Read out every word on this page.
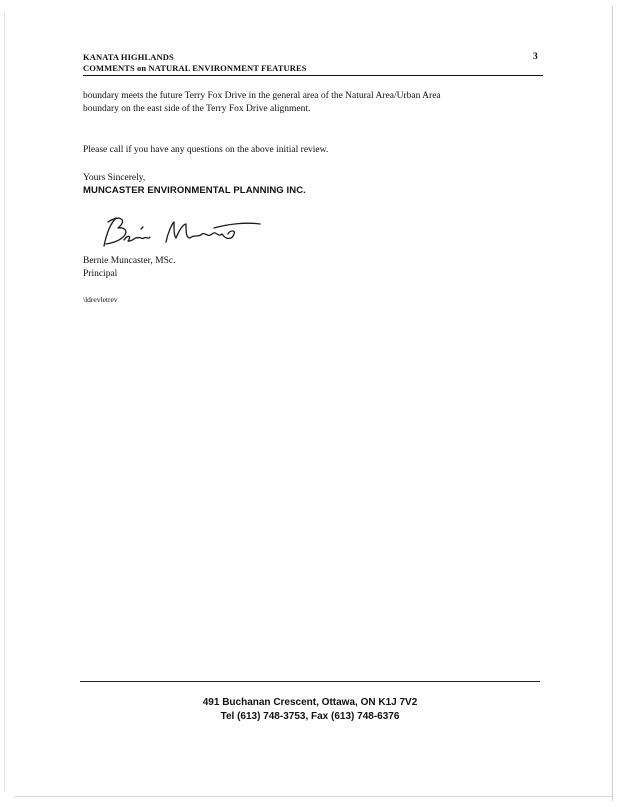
KANATA HIGHLANDS
COMMENTS on NATURAL ENVIRONMENT FEATURES
3
boundary meets the future Terry Fox Drive in the general area of the Natural Area/Urban Area
boundary on the east side of the Terry Fox Drive alignment.
Please call if you have any questions on the above initial review.
Yours Sincerely,
MUNCASTER ENVIRONMENTAL PLANNING INC.
Bernie Muncaster, MSc.
Principal
\ldrevletrev
491 Buchanan Crescent, Ottawa, ON K1J 7V2
Tel (613) 748-3753, Fax (613) 748-6376
